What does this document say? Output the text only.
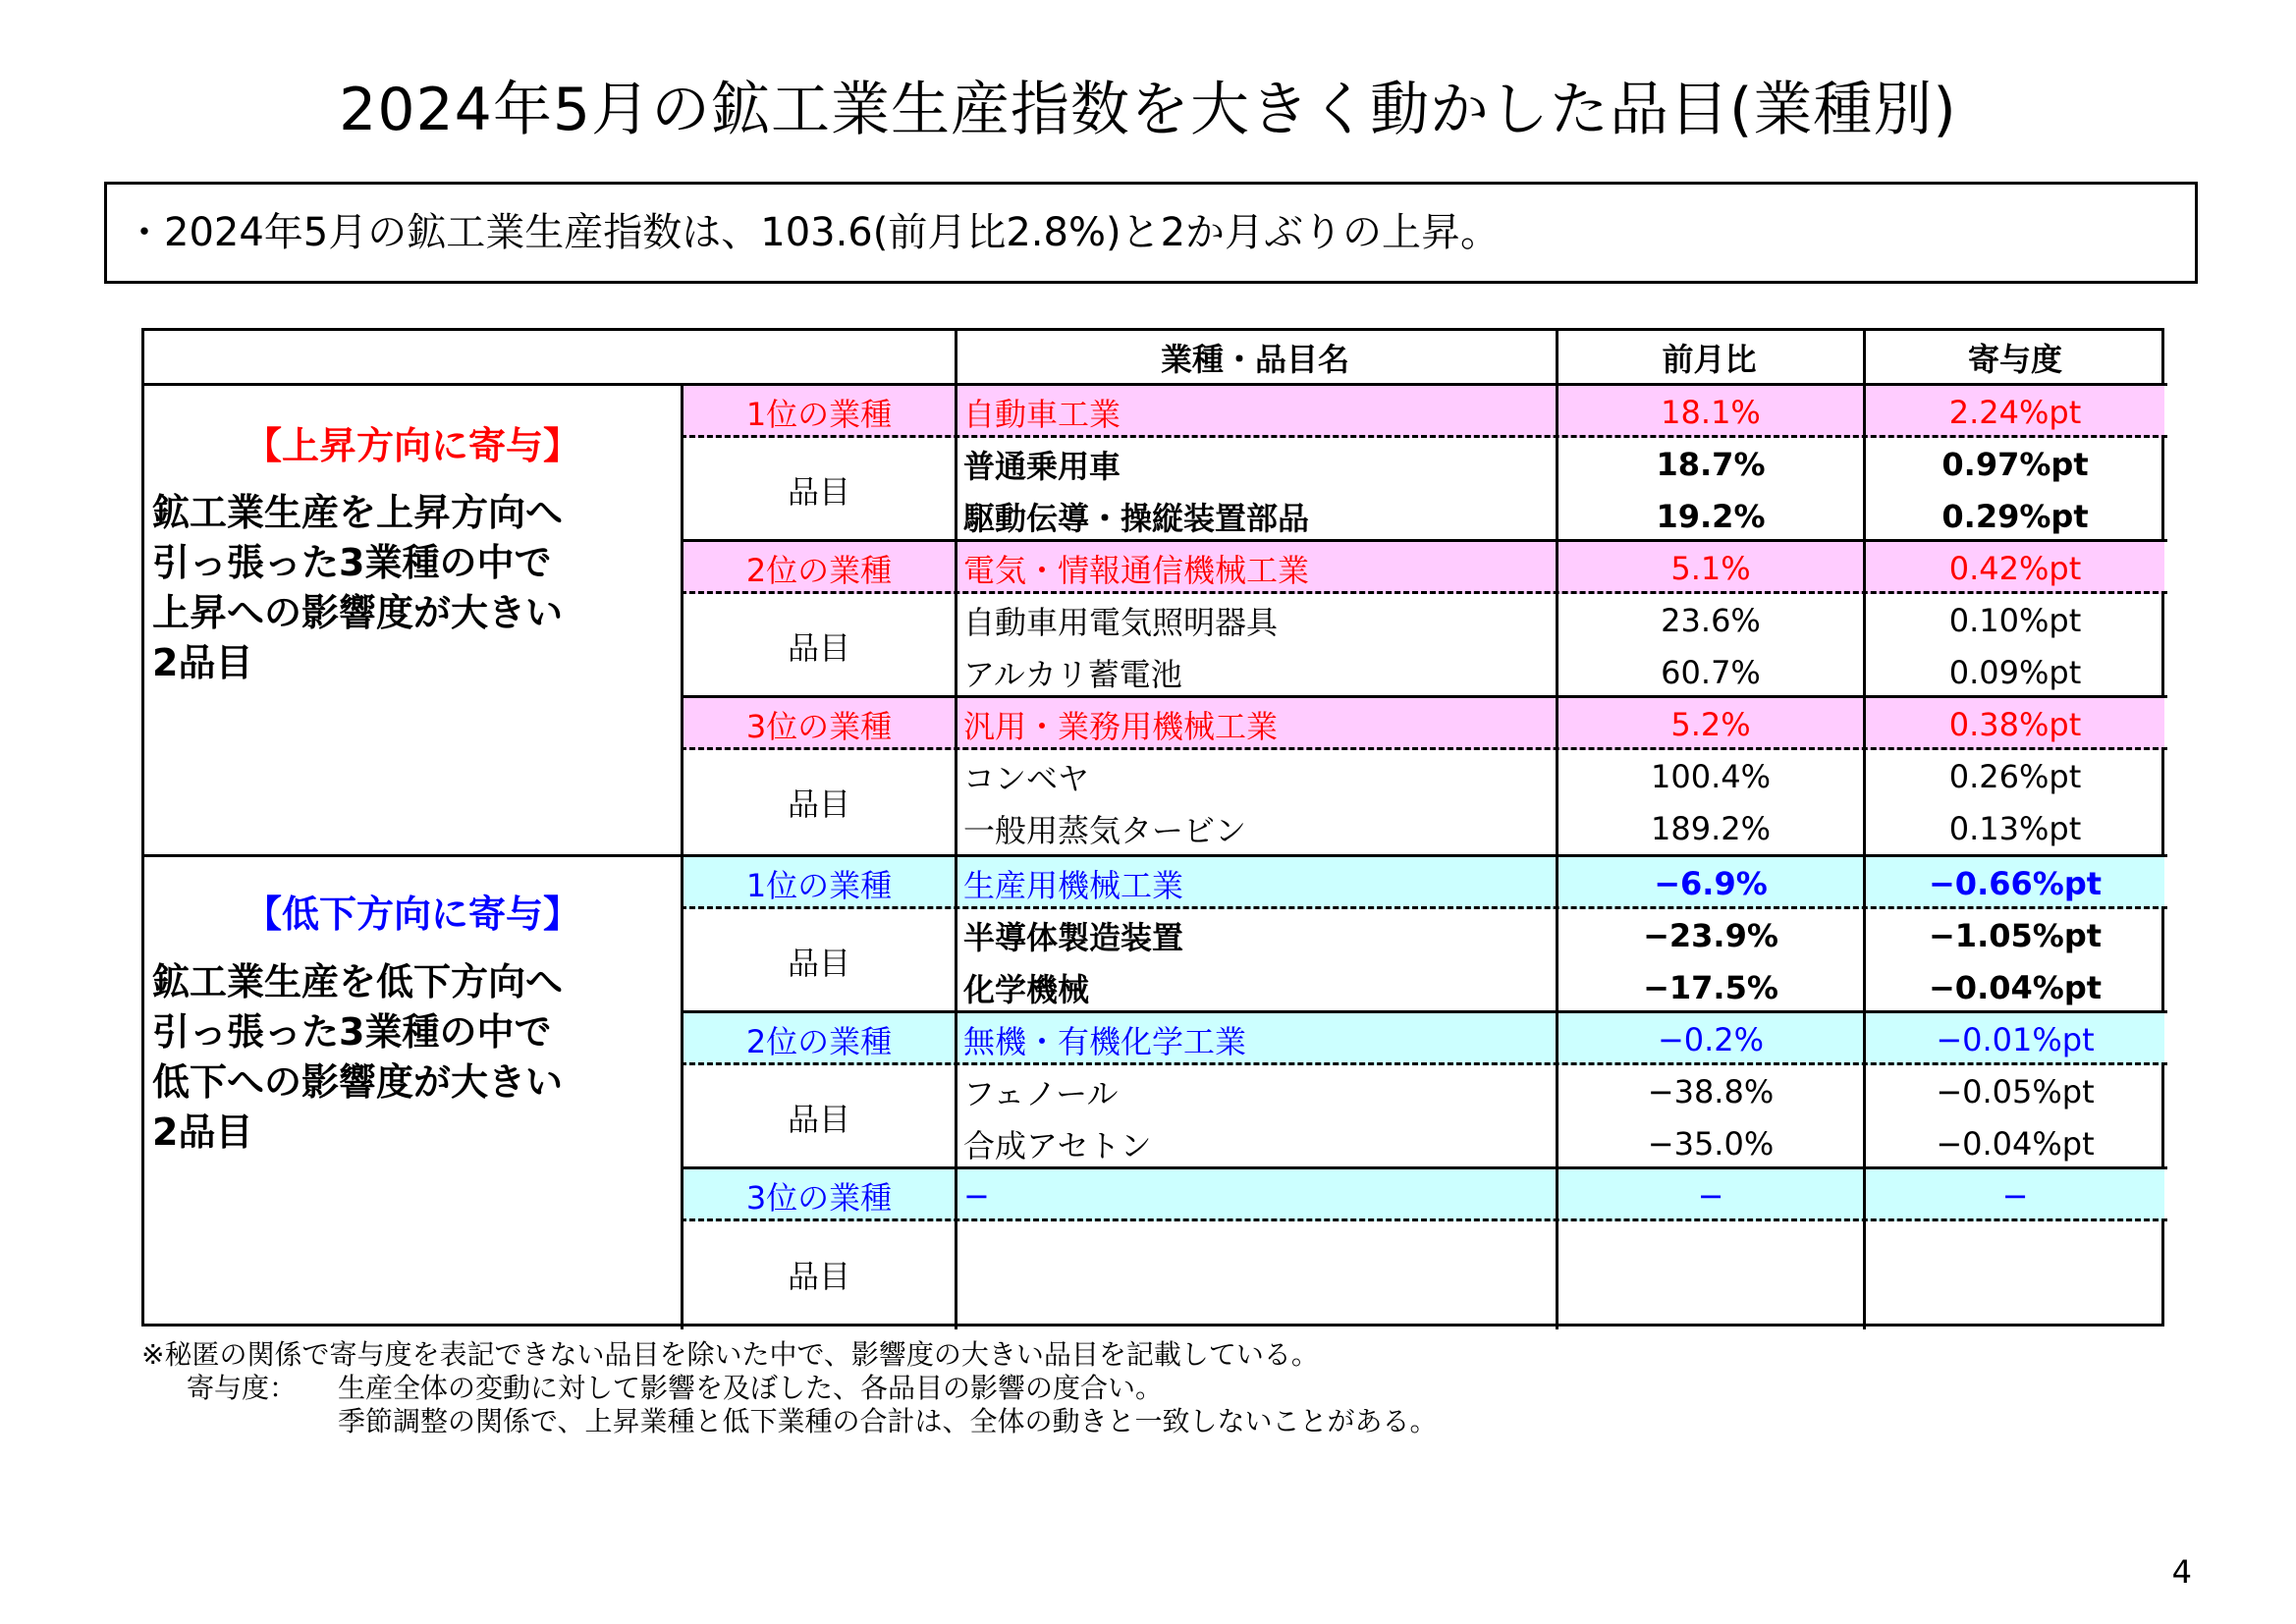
2024年5月の鉱工業生産指数を大きく動かした品目(業種別)
・2024年5月の鉱工業生産指数は、103.6(前月比2.8%)と2か月ぶりの上昇。
業種・品目名	前月比	寄与度
【上昇方向に寄与】
鉱工業生産を上昇方向へ
引っ張った3業種の中で
上昇への影響度が大きい
2品目
1位の業種	自動車工業	18.1%	2.24%pt
品目
普通乗用車	18.7%	0.97%pt
駆動伝導・操縦装置部品	19.2%	0.29%pt
2位の業種	電気・情報通信機械工業	5.1%	0.42%pt
品目
自動車用電気照明器具	23.6%	0.10%pt
アルカリ蓄電池	60.7%	0.09%pt
3位の業種	汎用・業務用機械工業	5.2%	0.38%pt
品目
コンベヤ	100.4%	0.26%pt
一般用蒸気タービン	189.2%	0.13%pt
【低下方向に寄与】
鉱工業生産を低下方向へ
引っ張った3業種の中で
低下への影響度が大きい
2品目
1位の業種	生産用機械工業	−6.9%	−0.66%pt
品目
半導体製造装置	−23.9%	−1.05%pt
化学機械	−17.5%	−0.04%pt
2位の業種	無機・有機化学工業	−0.2%	−0.01%pt
品目
フェノール	−38.8%	−0.05%pt
合成アセトン	−35.0%	−0.04%pt
3位の業種	−	−	−
品目
※秘匿の関係で寄与度を表記できない品目を除いた中で、影響度の大きい品目を記載している。
寄与度： 生産全体の変動に対して影響を及ぼした、各品目の影響の度合い。
季節調整の関係で、上昇業種と低下業種の合計は、全体の動きと一致しないことがある。
4
